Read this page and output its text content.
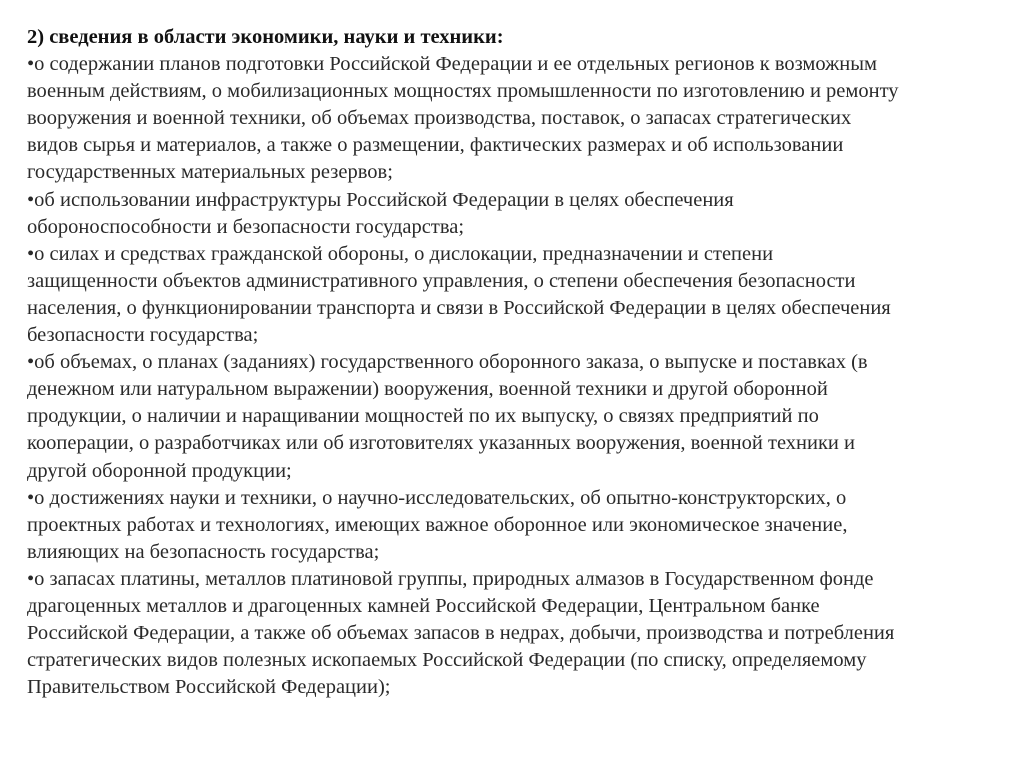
2) сведения в области экономики, науки и техники:

•о содержании планов подготовки Российской Федерации и ее отдельных регионов к возможным
военным действиям, о мобилизационных мощностях промышленности по изготовлению и ремонту
вооружения и военной техники, об объемах производства, поставок, о запасах стратегических
видов сырья и материалов, а также о размещении, фактических размерах и об использовании
государственных материальных резервов;

•об использовании инфраструктуры Российской Федерации в целях обеспечения
обороноспособности и безопасности государства;

•о силах и средствах гражданской обороны, о дислокации, предназначении и степени
защищенности объектов административного управления, о степени обеспечения безопасности
населения, о функционировании транспорта и связи в Российской Федерации в целях обеспечения
безопасности государства;

•об объемах, о планах (заданиях) государственного оборонного заказа, о выпуске и поставках (в
денежном или натуральном выражении) вооружения, военной техники и другой оборонной
продукции, о наличии и наращивании мощностей по их выпуску, о связях предприятий по
кооперации, о разработчиках или об изготовителях указанных вооружения, военной техники и
другой оборонной продукции;

•о достижениях науки и техники, о научно-исследовательских, об опытно-конструкторских, о
проектных работах и технологиях, имеющих важное оборонное или экономическое значение,
влияющих на безопасность государства;

•о запасах платины, металлов платиновой группы, природных алмазов в Государственном фонде
драгоценных металлов и драгоценных камней Российской Федерации, Центральном банке
Российской Федерации, а также об объемах запасов в недрах, добычи, производства и потребления
стратегических видов полезных ископаемых Российской Федерации (по списку, определяемому
Правительством Российской Федерации);
